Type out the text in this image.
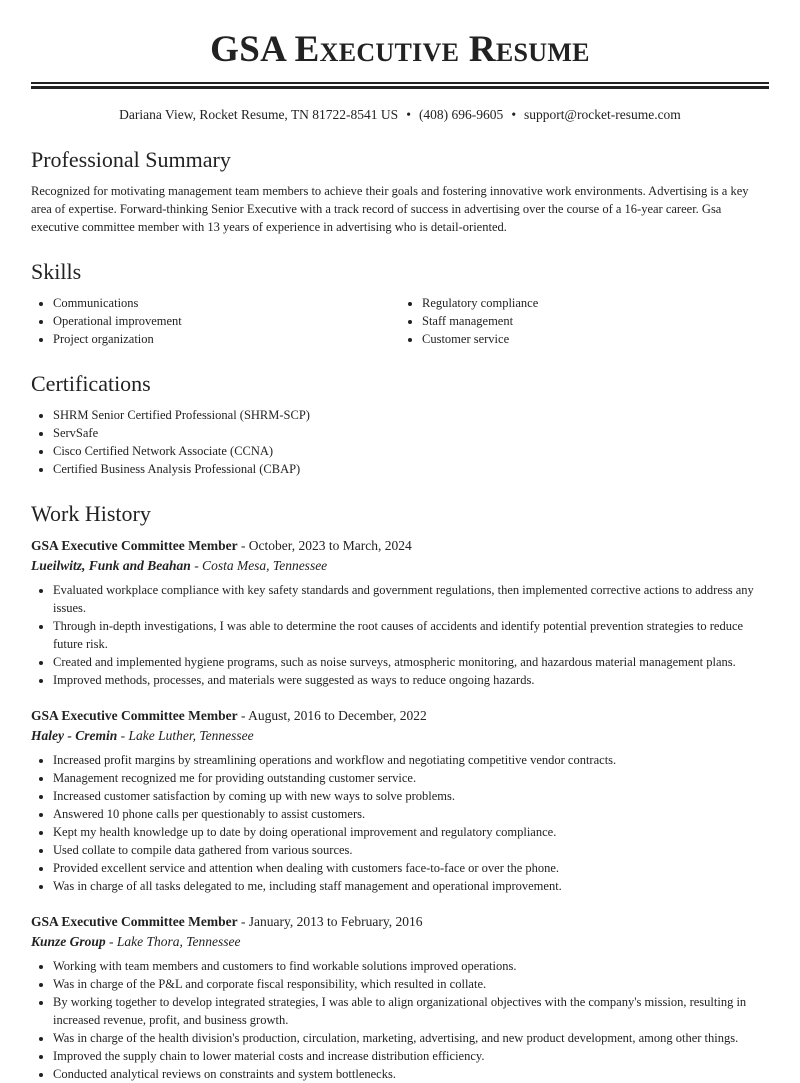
GSA Executive Resume
Dariana View, Rocket Resume, TN 81722-8541 US • (408) 696-9605 • support@rocket-resume.com
Professional Summary

Recognized for motivating management team members to achieve their goals and fostering innovative work environments. Advertising is a key area of expertise. Forward-thinking Senior Executive with a track record of success in advertising over the course of a 16-year career. Gsa executive committee member with 13 years of experience in advertising who is detail-oriented.

Skills
• Communications
• Operational improvement
• Project organization
• Regulatory compliance
• Staff management
• Customer service
Certifications
• SHRM Senior Certified Professional (SHRM-SCP)
• ServSafe
• Cisco Certified Network Associate (CCNA)
• Certified Business Analysis Professional (CBAP)
Work History
GSA Executive Committee Member - October, 2023 to March, 2024
Lueilwitz, Funk and Beahan - Costa Mesa, Tennessee
• Evaluated workplace compliance with key safety standards and government regulations, then implemented corrective actions to address any issues.
• Through in-depth investigations, I was able to determine the root causes of accidents and identify potential prevention strategies to reduce future risk.
• Created and implemented hygiene programs, such as noise surveys, atmospheric monitoring, and hazardous material management plans.
• Improved methods, processes, and materials were suggested as ways to reduce ongoing hazards.
GSA Executive Committee Member - August, 2016 to December, 2022
Haley - Cremin - Lake Luther, Tennessee
• Increased profit margins by streamlining operations and workflow and negotiating competitive vendor contracts.
• Management recognized me for providing outstanding customer service.
• Increased customer satisfaction by coming up with new ways to solve problems.
• Answered 10 phone calls per questionably to assist customers.
• Kept my health knowledge up to date by doing operational improvement and regulatory compliance.
• Used collate to compile data gathered from various sources.
• Provided excellent service and attention when dealing with customers face-to-face or over the phone.
• Was in charge of all tasks delegated to me, including staff management and operational improvement.
GSA Executive Committee Member - January, 2013 to February, 2016
Kunze Group - Lake Thora, Tennessee
• Working with team members and customers to find workable solutions improved operations.
• Was in charge of the P&L and corporate fiscal responsibility, which resulted in collate.
• By working together to develop integrated strategies, I was able to align organizational objectives with the company's mission, resulting in increased revenue, profit, and business growth.
• Was in charge of the health division's production, circulation, marketing, advertising, and new product development, among other things.
• Improved the supply chain to lower material costs and increase distribution efficiency.
• Conducted analytical reviews on constraints and system bottlenecks.
